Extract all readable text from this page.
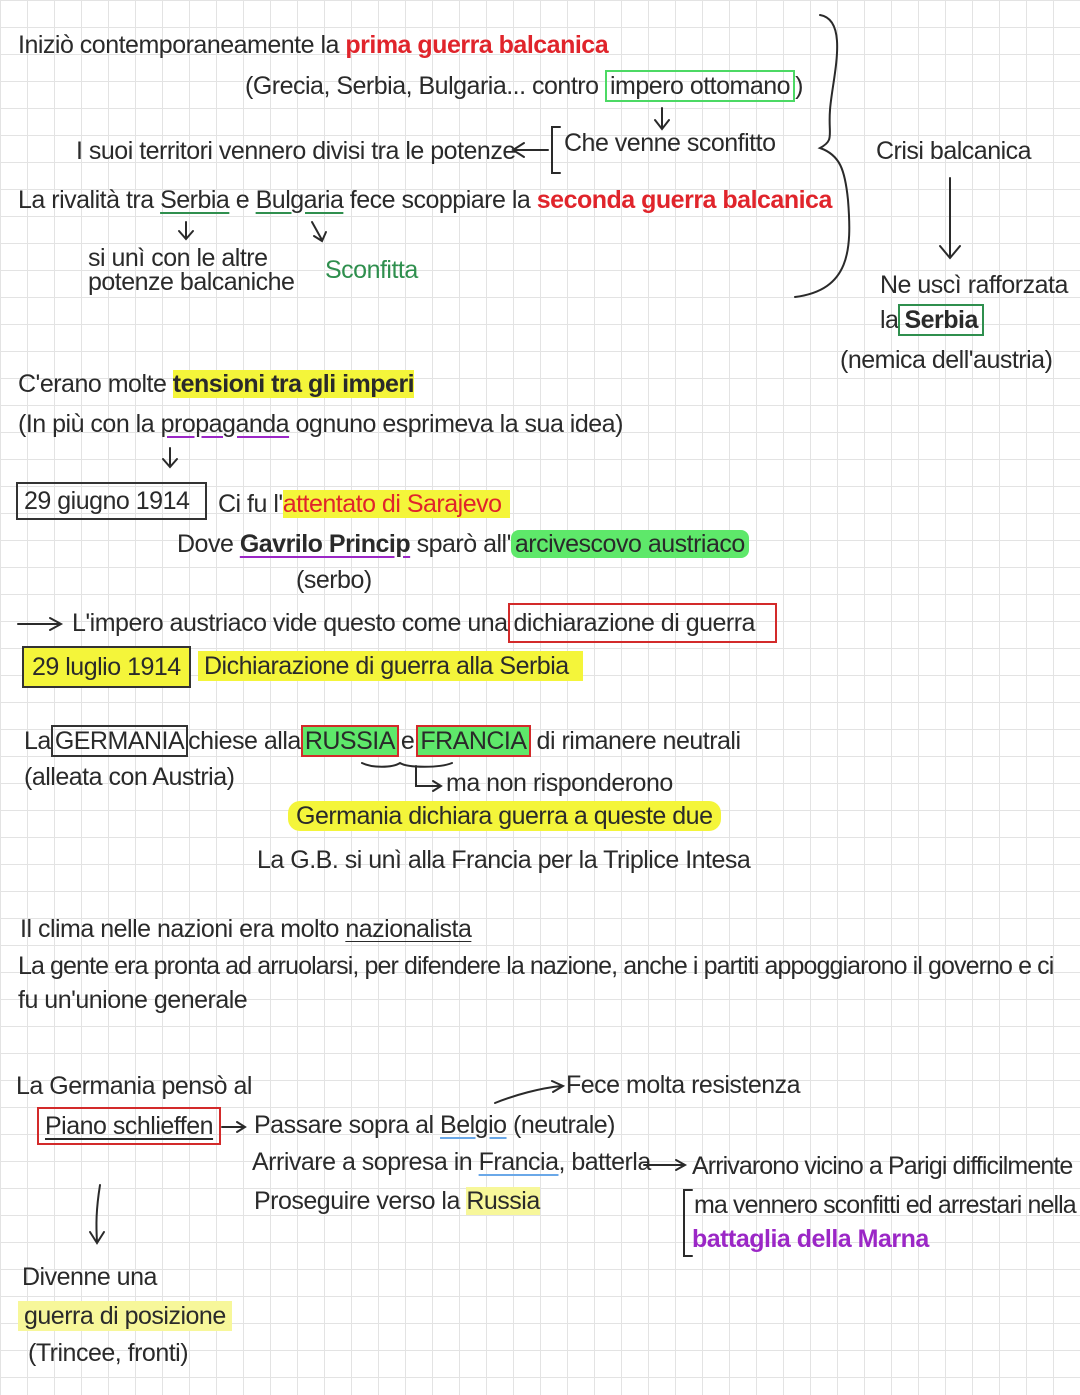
Iniziò contemporaneamente la prima guerra balcanica
(Grecia, Serbia, Bulgaria... contro impero ottomano )
I suoi territori vennero divisi tra le potenze Che venne sconfitto
La rivalità tra Serbia e Bulgaria fece scoppiare la seconda guerra balcanica
si unì con le altre
potenze balcaniche Sconfitta
Crisi balcanica
Ne uscì rafforzata
la Serbia
(nemica dell'austria)
C'erano molte tensioni tra gli imperi
(In più con la propaganda ognuno esprimeva la sua idea)
29 giugno 1914	Ci fu l'attentato di Sarajevo
Dove Gavrilo Princip sparò all' arcivescovo austriaco
(serbo)
L'impero austriaco vide questo come una dichiarazione di guerra
29 luglio 1914 Dichiarazione di guerra alla Serbia
La GERMANIA chiese alla RUSSIA e FRANCIA di rimanere neutrali
(alleata con Austria)	ma non risponderono
Germania dichiara guerra a queste due
La G.B. si unì alla Francia per la Triplice Intesa
Il clima nelle nazioni era molto nazionalista
La gente era pronta ad arruolarsi, per difendere la nazione, anche i partiti appoggiarono il governo e ci
fu un'unione generale
La Germania pensò al
Piano schlieffen
Fece molta resistenza
Passare sopra al Belgio (neutrale)
Arrivare a sopresa in Francia, batterla
Proseguire verso la Russia
Arrivarono vicino a Parigi difficilmente
ma vennero sconfitti ed arrestari nella
battaglia della Marna
Divenne una
guerra di posizione
(Trincee, fronti)
